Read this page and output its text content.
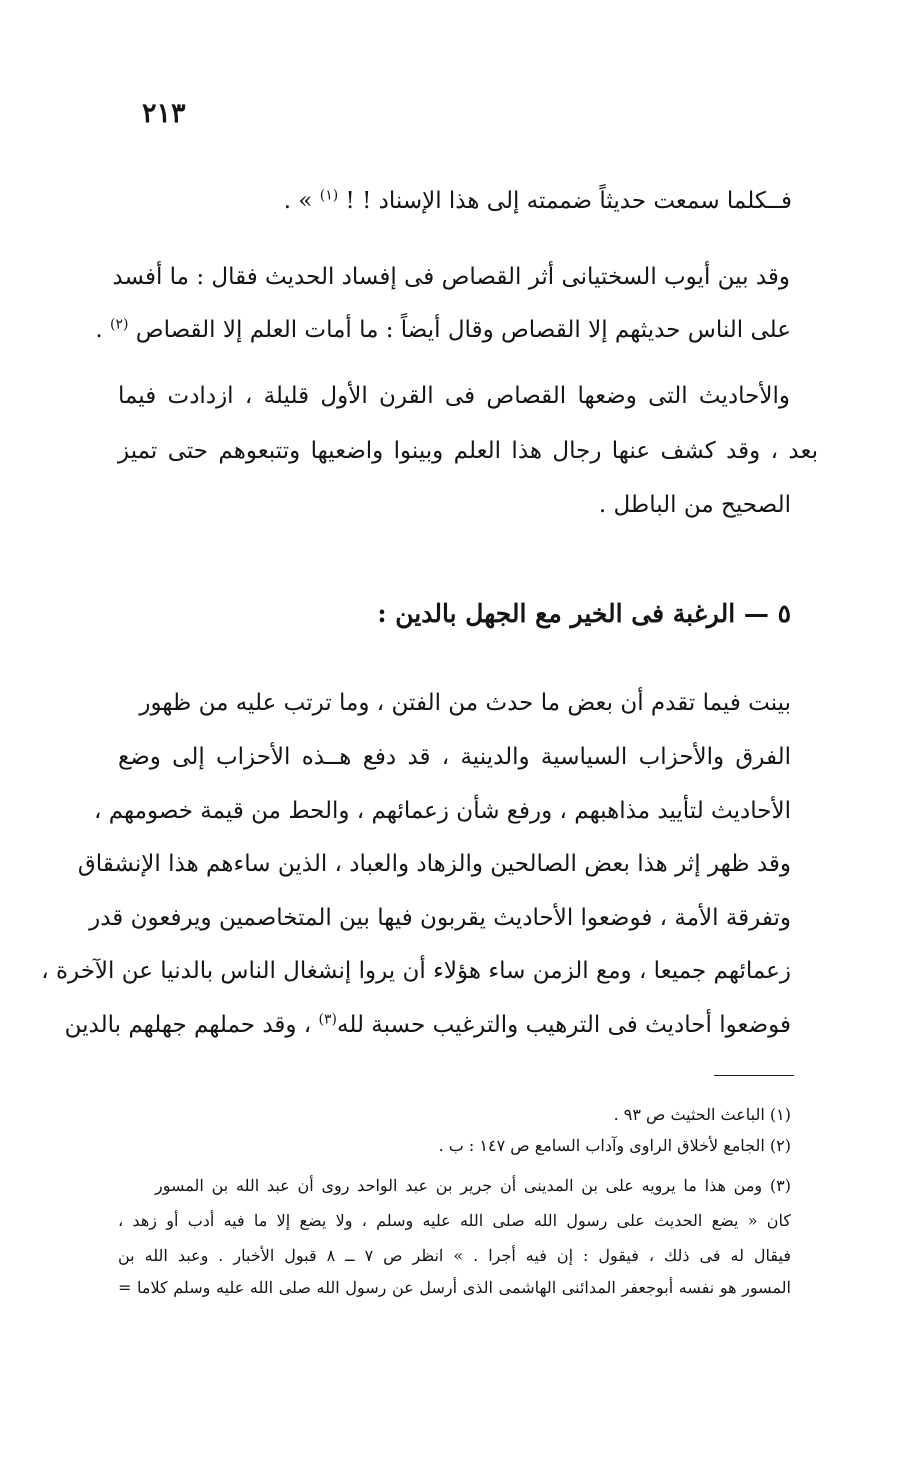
٢١٣
فــكلما سمعت حديثاً ضممته إلى هذا الإسناد ! ! $^{(١)}$ » .
وقد بين أيوب السختيانى أثر القصاص فى إفساد الحديث فقال : ما أفسد
على الناس حديثهم إلا القصاص وقال أيضاً : ما أمات العلم إلا القصاص $^{(٢)}$ .
والأحاديث التى وضعها القصاص فى القرن الأول قليلة ، ازدادت فيما
بعد ، وقد كشف عنها رجال هذا العلم وبينوا واضعيها وتتبعوهم حتى تميز
الصحيح من الباطل .
٥ — الرغبة فى الخير مع الجهل بالدين :
بينت فيما تقدم أن بعض ما حدث من الفتن ، وما ترتب عليه من ظهور
الفرق والأحزاب السياسية والدينية ، قد دفع هــذه الأحزاب إلى وضع
الأحاديث لتأييد مذاهبهم ، ورفع شأن زعمائهم ، والحط من قيمة خصومهم ،
وقد ظهر إثر هذا بعض الصالحين والزهاد والعباد ، الذين ساءهم هذا الإنشقاق
وتفرقة الأمة ، فوضعوا الأحاديث يقربون فيها بين المتخاصمين ويرفعون قدر
زعمائهم جميعا ، ومع الزمن ساء هؤلاء أن يروا إنشغال الناس بالدنيا عن الآخرة ،
فوضعوا أحاديث فى الترهيب والترغيب حسبة لله$^{(٣)}$ ، وقد حملهم جهلهم بالدين
(١) الباعث الحثيث ص ٩٣ .
(٢) الجامع لأخلاق الراوى وآداب السامع ص ١٤٧ : ب .
(٣) ومن هذا ما يرويه على بن المدينى أن جرير بن عبد الواحد روى أن عبد الله بن المسور
كان « يضع الحديث على رسول الله صلى الله عليه وسلم ، ولا يضع إلا ما فيه أدب أو زهد ،
فيقال له فى ذلك ، فيقول : إن فيه أجرا . » انظر ص ٧ ــ ٨ قبول الأخبار . وعبد الله بن
المسور هو نفسه أبوجعفر المدائنى الهاشمى الذى أرسل عن رسول الله صلى الله عليه وسلم كلاما =
